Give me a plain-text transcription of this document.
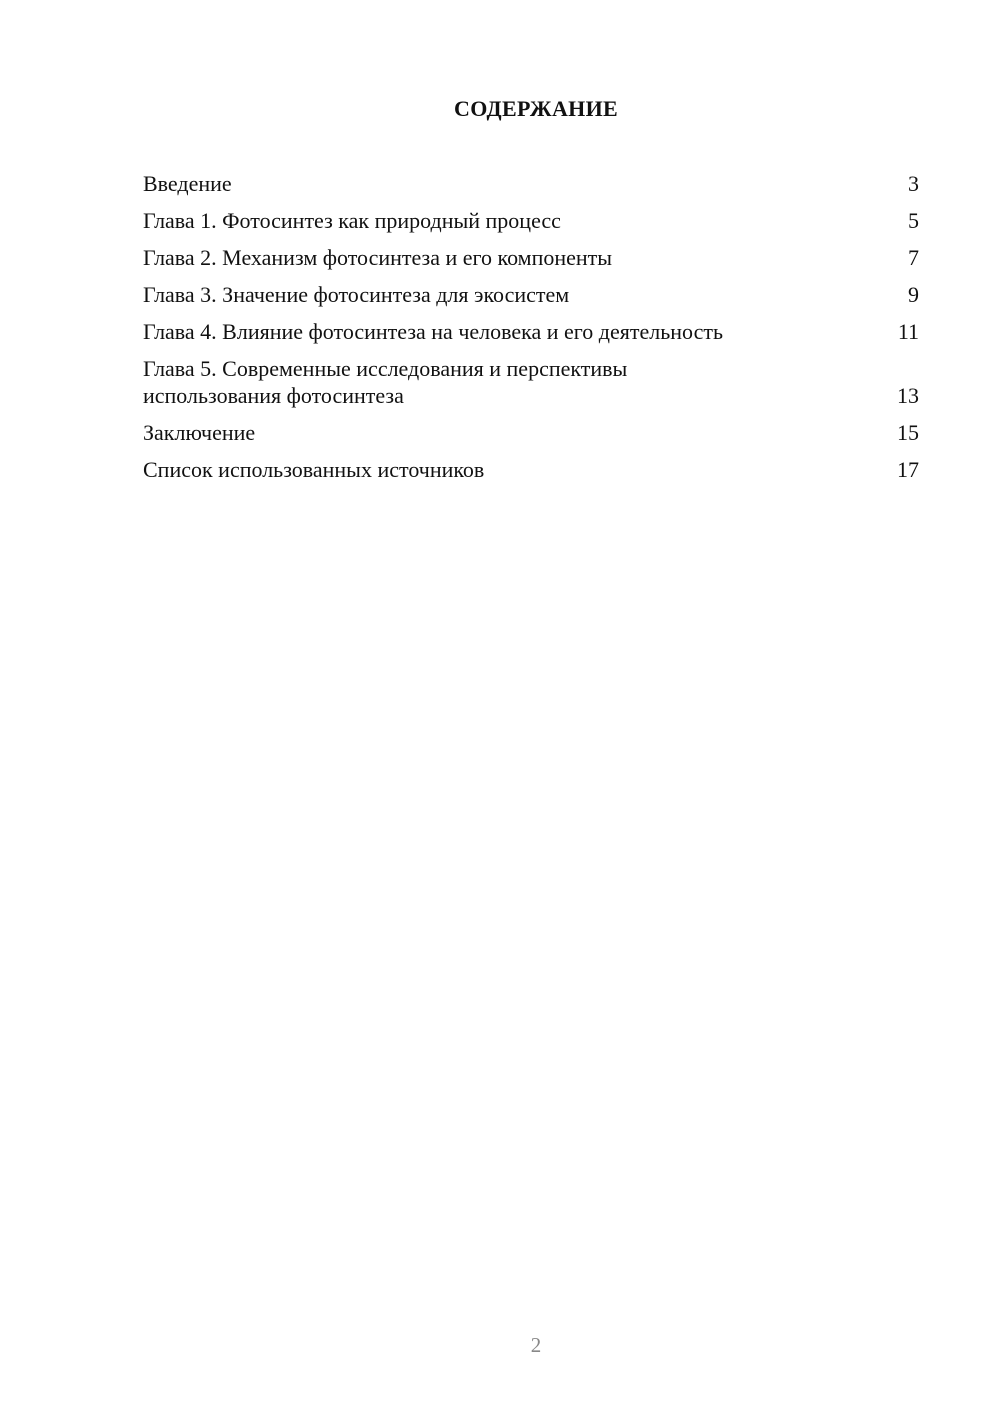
СОДЕРЖАНИЕ
Введение	3
Глава 1. Фотосинтез как природный процесс	5
Глава 2. Механизм фотосинтеза и его компоненты	7
Глава 3. Значение фотосинтеза для экосистем	9
Глава 4. Влияние фотосинтеза на человека и его деятельность	11
Глава 5. Современные исследования и перспективы использования фотосинтеза	13
Заключение	15
Список использованных источников	17
2
